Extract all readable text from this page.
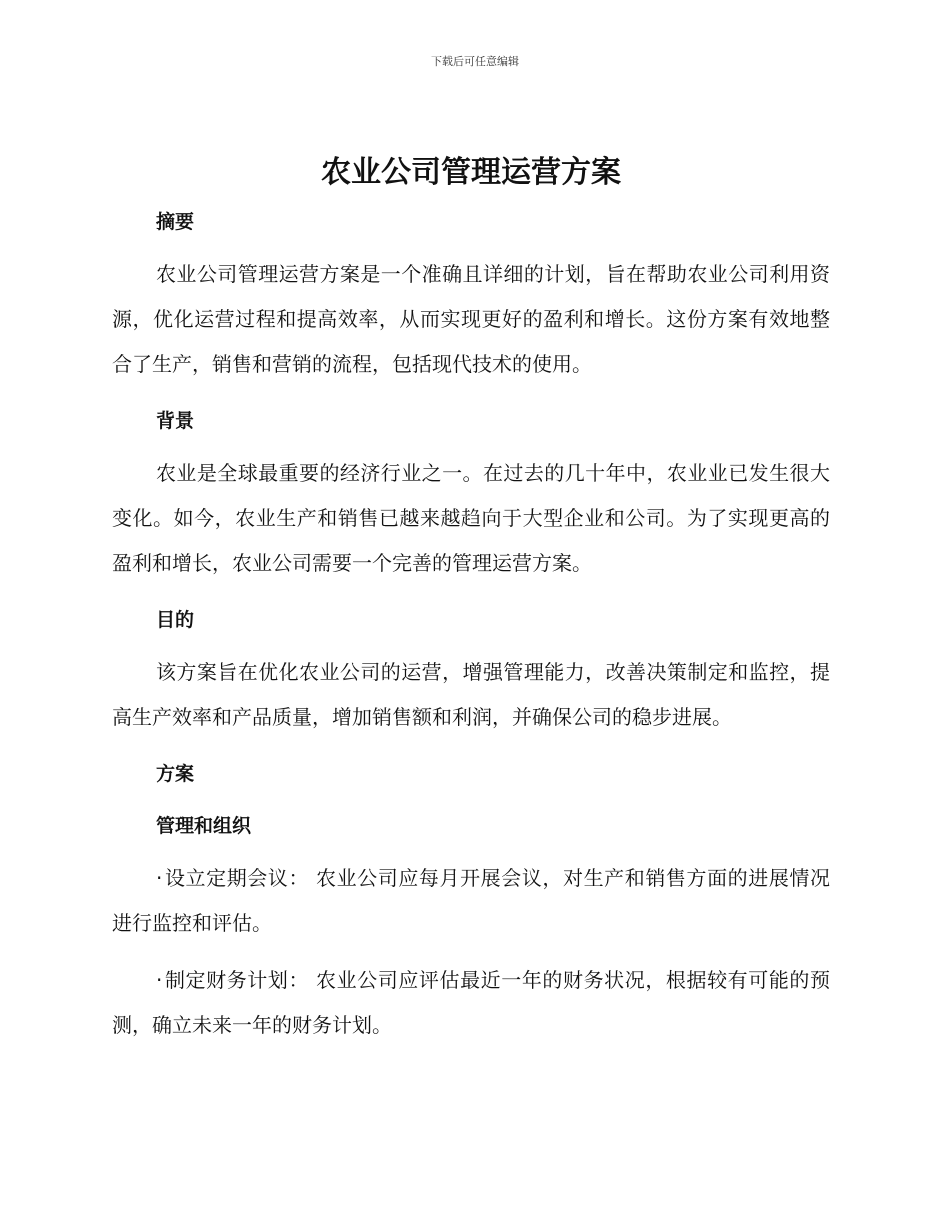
下载后可任意编辑
农业公司管理运营方案
摘要

农业公司管理运营方案是一个准确且详细的计划，旨在帮助农业公司利用资源，优化运营过程和提高效率，从而实现更好的盈利和增长。这份方案有效地整合了生产，销售和营销的流程，包括现代技术的使用。

背景

农业是全球最重要的经济行业之一。在过去的几十年中，农业业已发生很大变化。如今，农业生产和销售已越来越趋向于大型企业和公司。为了实现更高的盈利和增长，农业公司需要一个完善的管理运营方案。

目的

该方案旨在优化农业公司的运营，增强管理能力，改善决策制定和监控，提高生产效率和产品质量，增加销售额和利润，并确保公司的稳步进展。

方案
管理和组织

· 设立定期会议： 农业公司应每月开展会议，对生产和销售方面的进展情况进行监控和评估。

· 制定财务计划： 农业公司应评估最近一年的财务状况，根据较有可能的预测，确立未来一年的财务计划。
